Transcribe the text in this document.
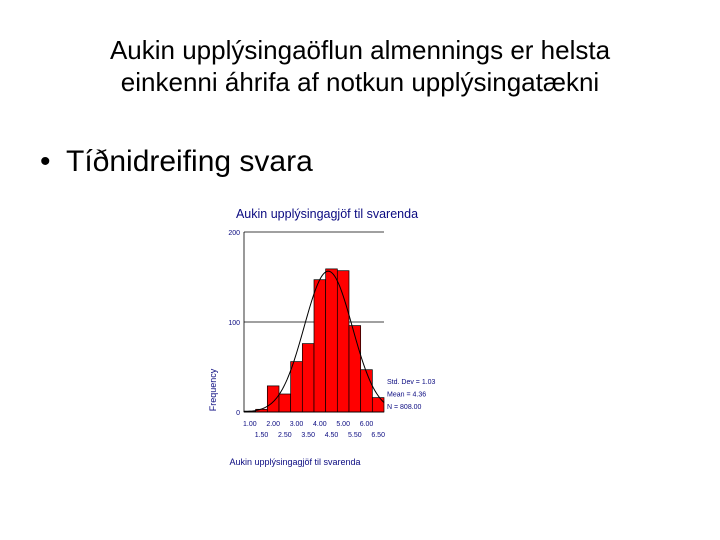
Aukin upplýsingaöflun almennings er helsta
einkenni áhrifa af notkun upplýsingatækni
• Tíðnidreifing svara
Aukin upplýsingagjöf til svarenda
0
100
200
1.00 2.00 3.00 4.00 5.00 6.00
1.50 2.50 3.50 4.50 5.50 6.50
Std. Dev = 1.03
Mean = 4.36
N = 808.00
Frequency
Aukin upplýsingagjöf til svarenda
